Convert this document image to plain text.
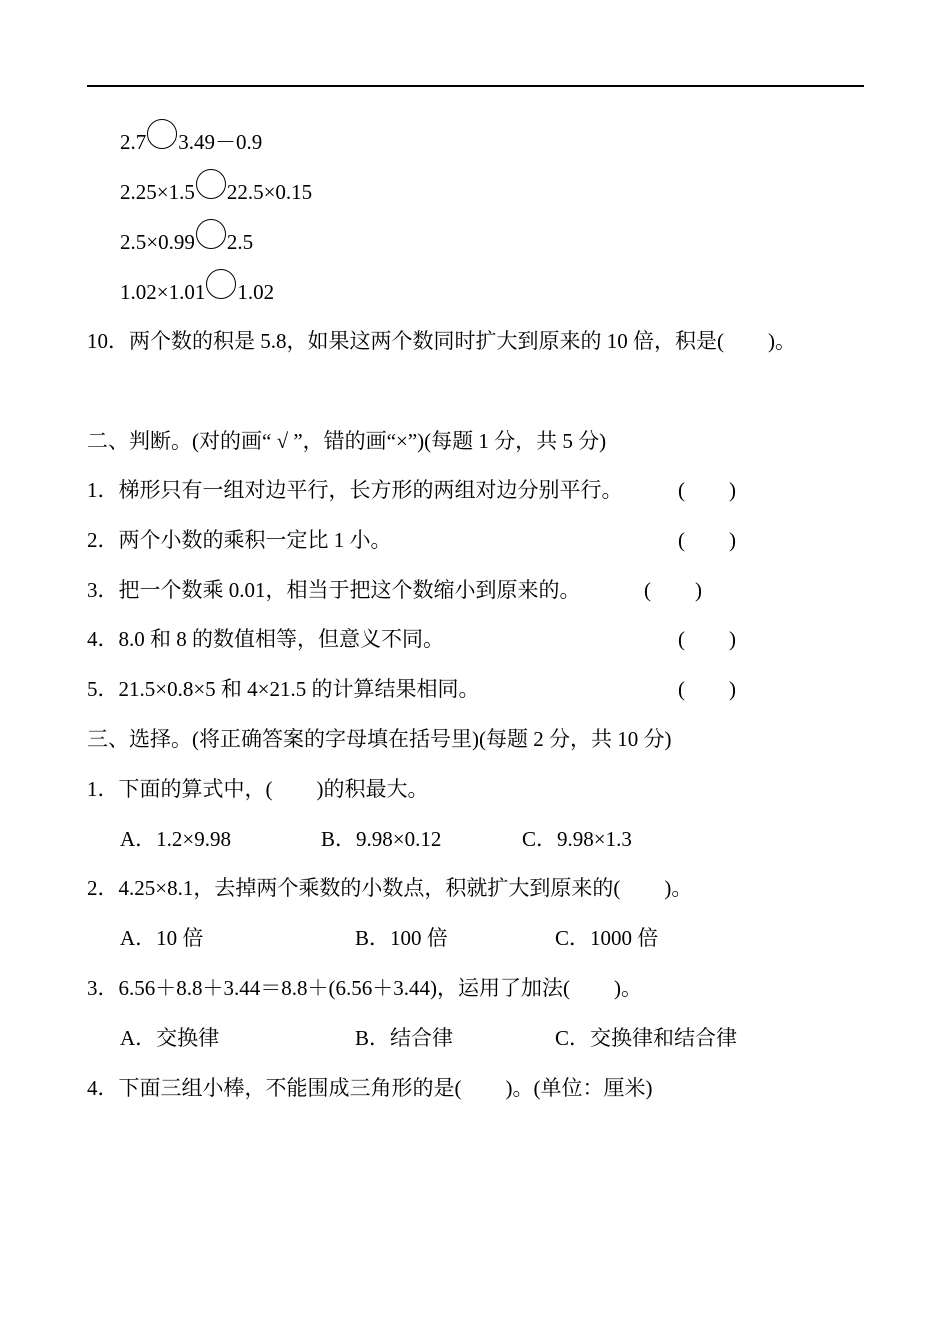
2.7 3.49－0.9
2.25×1.5 22.5×0.15
2.5×0.99 2.5
1.02×1.01 1.02
10．两个数的积是 5.8，如果这两个数同时扩大到原来的 10 倍，积是( )。
二、判断。(对的画“ √ ”，错的画“×”)(每题 1 分，共 5 分)
1．梯形只有一组对边平行，长方形的两组对边分别平行。	( )
2．两个小数的乘积一定比 1 小。	( )
3．把一个数乘 0.01，相当于把这个数缩小到原来的。	( )
4．8.0 和 8 的数值相等，但意义不同。	( )
5．21.5×0.8×5 和 4×21.5 的计算结果相同。	( )
三、选择。(将正确答案的字母填在括号里)(每题 2 分，共 10 分)
1．下面的算式中，( )的积最大。
A．1.2×9.98	B．9.98×0.12	C．9.98×1.3
2．4.25×8.1，去掉两个乘数的小数点，积就扩大到原来的( )。
A．10 倍	B．100 倍	C．1000 倍
3．6.56＋8.8＋3.44＝8.8＋(6.56＋3.44)，运用了加法( )。
A．交换律	B．结合律	C．交换律和结合律
4．下面三组小棒，不能围成三角形的是( )。(单位：厘米)
